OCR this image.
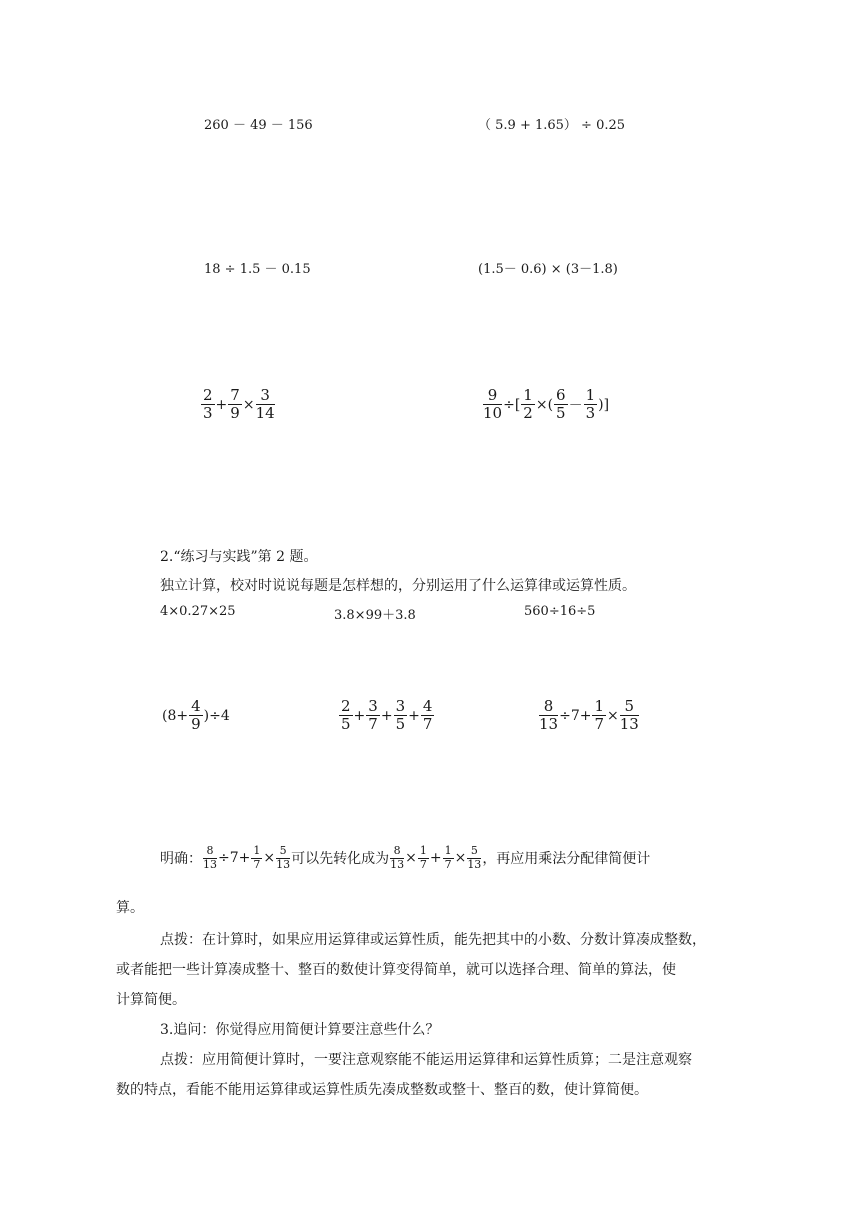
260 － 49 － 156	（ 5.9 + 1.65） ÷ 0.25
18 ÷ 1.5 － 0.15	(1.5－ 0.6) × (3－1.8)
$\frac{2}{3} + \frac{7}{9} \times \frac{3}{14}$	$\frac{9}{10}$ ÷[ $\frac{1}{2}$ ×( $\frac{6}{5} - \frac{1}{3}$ )]
2.“练习与实践”第 2 题。
独立计算，校对时说说每题是怎样想的，分别运用了什么运算律或运算性质。
4×0.27×25	3.8×99＋3.8	560÷16÷5
$(8+ \frac{4}{9} )\div 4$	$\frac{2}{5} + \frac{3}{7} + \frac{3}{5} + \frac{4}{7}$	$\frac{8}{13} \div 7+ \frac{1}{7} \times \frac{5}{13}$
明确： $\frac{8}{13} \div 7+ \frac{1}{7} \times \frac{5}{13}$ 可以先转化成为 $\frac{8}{13} \times \frac{1}{7} + \frac{1}{7} \times \frac{5}{13}$ ，再应用乘法分配律简便计
算。
点拨：在计算时，如果应用运算律或运算性质，能先把其中的小数、分数计算凑成整数，
或者能把一些计算凑成整十、整百的数使计算变得简单，就可以选择合理、简单的算法，使
计算简便。
3.追问：你觉得应用简便计算要注意些什么？
点拨：应用简便计算时，一要注意观察能不能运用运算律和运算性质算；二是注意观察
数的特点，看能不能用运算律或运算性质先凑成整数或整十、整百的数，使计算简便。
